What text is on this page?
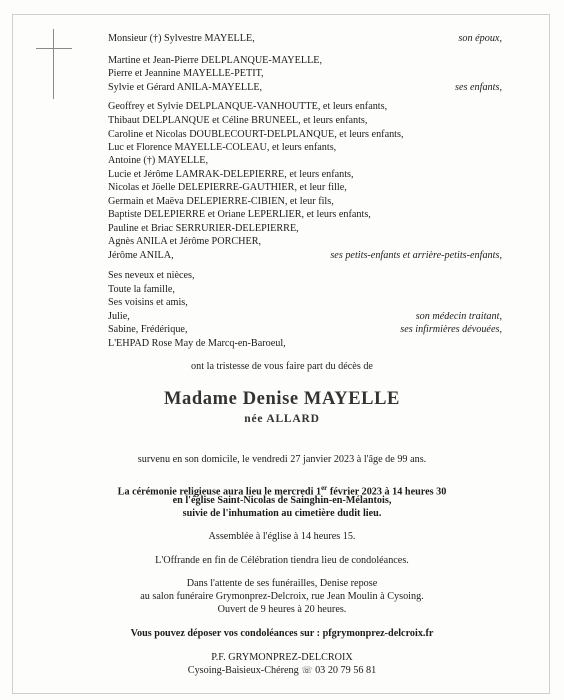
Monsieur (†) Sylvestre MAYELLE,
Martine et Jean-Pierre DELPLANQUE-MAYELLE,
Pierre et Jeannine MAYELLE-PETIT,
Sylvie et Gérard ANILA-MAYELLE,
Geoffrey et Sylvie DELPLANQUE-VANHOUTTE, et leurs enfants,
Thibaut DELPLANQUE et Céline BRUNEEL, et leurs enfants,
Caroline et Nicolas DOUBLECOURT-DELPLANQUE, et leurs enfants,
Luc et Florence MAYELLE-COLEAU, et leurs enfants,
Antoine (†) MAYELLE,
Lucie et Jérôme LAMRAK-DELEPIERRE, et leurs enfants,
Nicolas et Jöelle DELEPIERRE-GAUTHIER, et leur fille,
Germain et Maëva DELEPIERRE-CIBIEN, et leur fils,
Baptiste DELEPIERRE et Oriane LEPERLIER, et leurs enfants,
Pauline et Briac SERRURIER-DELEPIERRE,
Agnès ANILA et Jérôme PORCHER,
Jérôme ANILA,
Ses neveux et nièces,
Toute la famille,
Ses voisins et amis,
Julie,
Sabine, Frédérique,
L'EHPAD Rose May de Marcq-en-Baroeul,
son époux,
ses enfants,
ses petits-enfants et arrière-petits-enfants,
son médecin traitant,
ses infirmières dévouées,
ont la tristesse de vous faire part du décès de
Madame Denise MAYELLE
née ALLARD
survenu en son domicile, le vendredi 27 janvier 2023 à l'âge de 99 ans.
La cérémonie religieuse aura lieu le mercredi 1er février 2023 à 14 heures 30
en l'église Saint-Nicolas de Sainghin-en-Mélantois,
suivie de l'inhumation au cimetière dudit lieu.
Assemblée à l'église à 14 heures 15.
L'Offrande en fin de Célébration tiendra lieu de condoléances.
Dans l'attente de ses funérailles, Denise repose
au salon funéraire Grymonprez-Delcroix, rue Jean Moulin à Cysoing.
Ouvert de 9 heures à 20 heures.
Vous pouvez déposer vos condoléances sur : pfgrymonprez-delcroix.fr
P.F. GRYMONPREZ-DELCROIX
Cysoing-Baisieux-Chéreng ☏ 03 20 79 56 81
